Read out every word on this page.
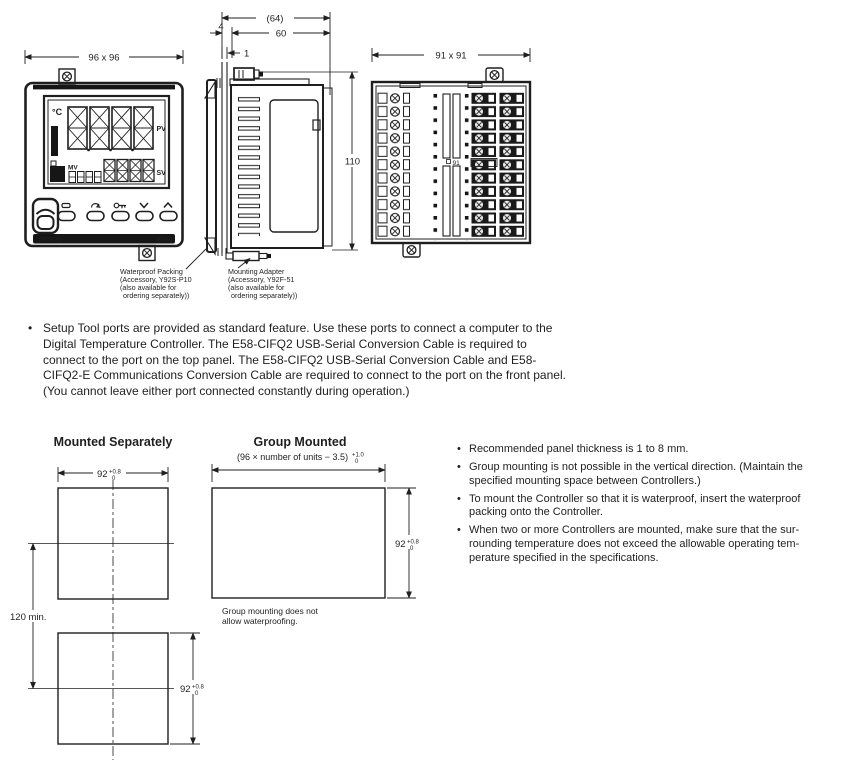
96 x 96
°C
PV
MV
SV
OMRON	E5AC
(64)
60
4
1
110
Waterproof Packing
(Accessory, Y92S-P10
(also available for
ordering separately))
Mounting Adapter
(Accessory, Y92F-51
(also available for
ordering separately))
91 x 91
91
• Setup Tool ports are provided as standard feature. Use these ports to connect a computer to the
Digital Temperature Controller. The E58-CIFQ2 USB-Serial Conversion Cable is required to
connect to the port on the top panel. The E58-CIFQ2 USB-Serial Conversion Cable and E58-
CIFQ2-E Communications Conversion Cable are required to connect to the port on the front panel.
(You cannot leave either port connected constantly during operation.)
Mounted Separately
92 +0.8
0
120 min.
92 +0.8
0
Group Mounted
(96 × number of units − 3.5) +1.0
0
92 +0.8
0
Group mounting does not
allow waterproofing.
• Recommended panel thickness is 1 to 8 mm.
• Group mounting is not possible in the vertical direction. (Maintain the
specified mounting space between Controllers.)
• To mount the Controller so that it is waterproof, insert the waterproof
packing onto the Controller.
• When two or more Controllers are mounted, make sure that the sur-
rounding temperature does not exceed the allowable operating tem-
perature specified in the specifications.
